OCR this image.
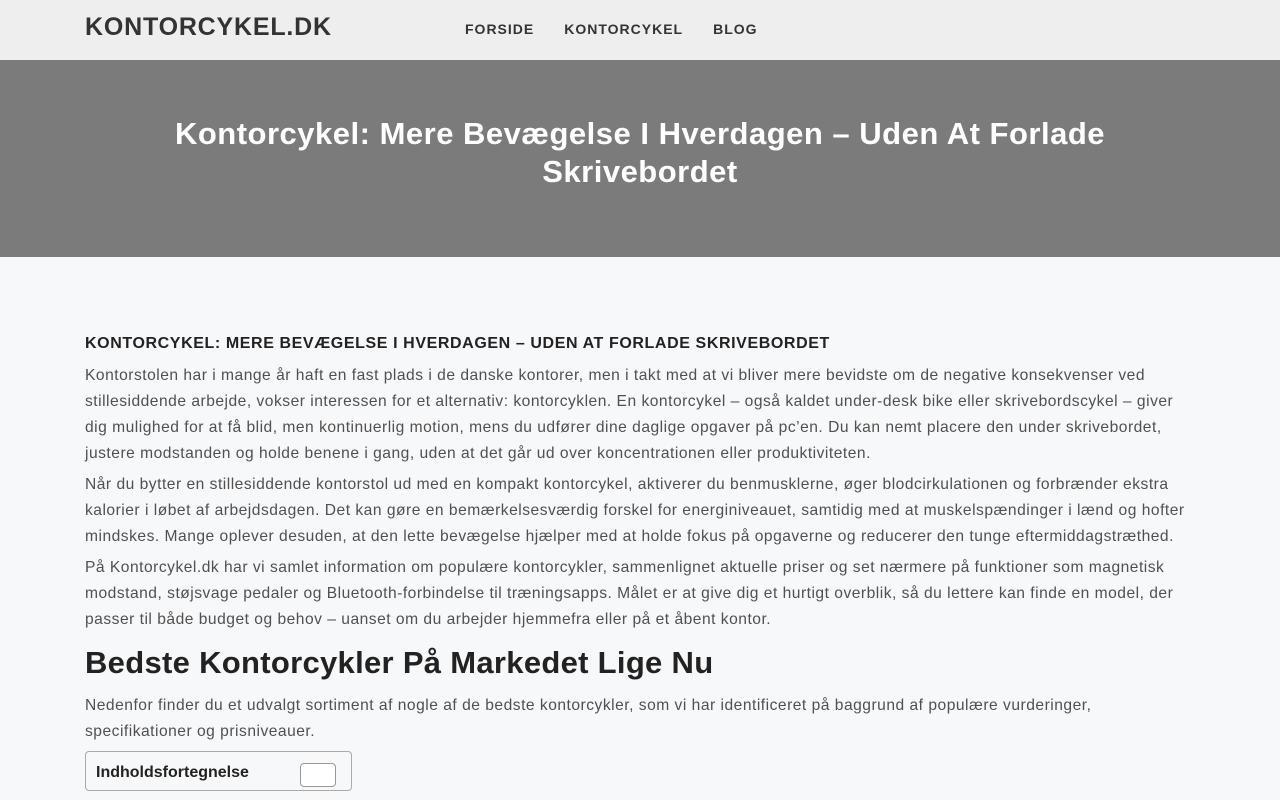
KONTORCYKEL.DK	FORSIDE KONTORCYKEL BLOG
Kontorcykel: Mere Bevægelse I Hverdagen – Uden At Forlade Skrivebordet
KONTORCYKEL: MERE BEVÆGELSE I HVERDAGEN – UDEN AT FORLADE SKRIVEBORDET

Kontorstolen har i mange år haft en fast plads i de danske kontorer, men i takt med at vi bliver mere bevidste om de negative konsekvenser ved stillesiddende arbejde, vokser interessen for et alternativ: kontorcyklen. En kontorcykel – også kaldet under-desk bike eller skrivebordscykel – giver dig mulighed for at få blid, men kontinuerlig motion, mens du udfører dine daglige opgaver på pc’en. Du kan nemt placere den under skrivebordet, justere modstanden og holde benene i gang, uden at det går ud over koncentrationen eller produktiviteten.

Når du bytter en stillesiddende kontorstol ud med en kompakt kontorcykel, aktiverer du benmusklerne, øger blodcirkulationen og forbrænder ekstra kalorier i løbet af arbejdsdagen. Det kan gøre en bemærkelsesværdig forskel for energiniveauet, samtidig med at muskelspændinger i lænd og hofter mindskes. Mange oplever desuden, at den lette bevægelse hjælper med at holde fokus på opgaverne og reducerer den tunge eftermiddagstræthed.

På Kontorcykel.dk har vi samlet information om populære kontorcykler, sammenlignet aktuelle priser og set nærmere på funktioner som magnetisk modstand, støjsvage pedaler og Bluetooth-forbindelse til træningsapps. Målet er at give dig et hurtigt overblik, så du lettere kan finde en model, der passer til både budget og behov – uanset om du arbejder hjemmefra eller på et åbent kontor.

Bedste Kontorcykler På Markedet Lige Nu

Nedenfor finder du et udvalgt sortiment af nogle af de bedste kontorcykler, som vi har identificeret på baggrund af populære vurderinger, specifikationer og prisniveauer.

Indholdsfortegnelse
